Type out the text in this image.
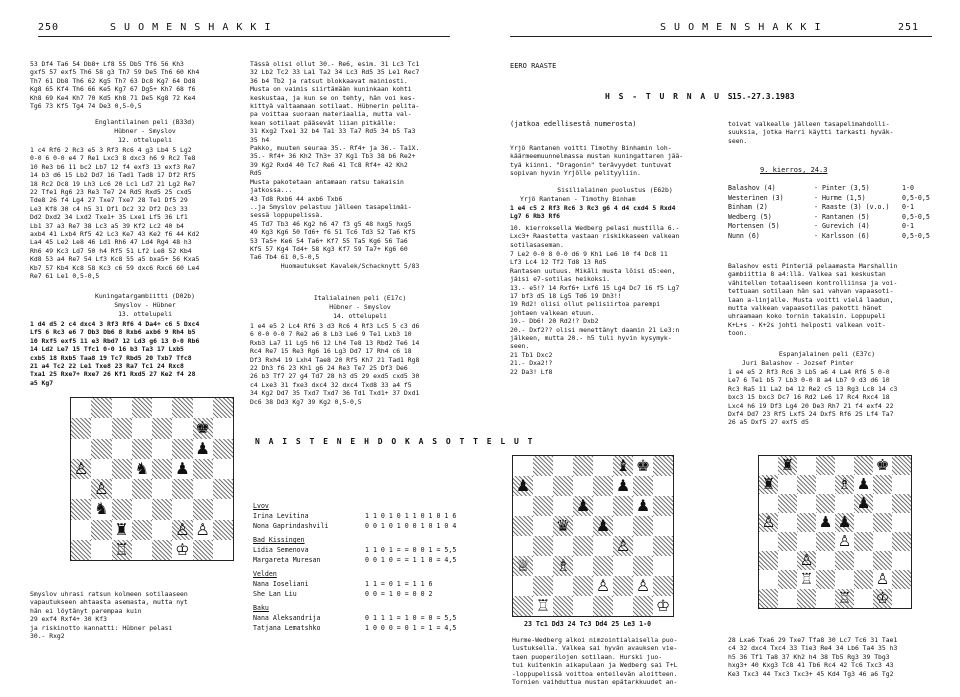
250	S U O M E N S H A K K I	S U O M E N S H A K K I	251
53 Df4 Ta6 54 Db8+ Lf8 55 Db5 Tf6 56 Kh3
gxf5 57 exf5 Th6 58 g3 Th7 59 De5 Th6 60 Kh4
Th7 61 Db8 Th6 62 Kg5 Th7 63 Dc8 Kg7 64 Dd8
Kg8 65 Kf4 Th6 66 Ke5 Kg7 67 Dg5+ Kh7 68 f6
Kh8 69 Ke4 Kh7 70 Kd5 Kh8 71 De5 Kg8 72 Ke4
Tg6 73 Kf5 Tg4 74 De3 0,5-0,5
Englantilainen peli (B33d)
Hübner - Smyslov
12. ottelupeli
1 c4 Rf6 2 Rc3 e5 3 Rf3 Rc6 4 g3 Lb4 5 Lg2
0-0 6 0-0 e4 7 Re1 Lxc3 8 dxc3 h6 9 Rc2 Te8
10 Re3 b6 11 bc2 Lb7 12 f4 exf3 13 exf3 Re7
14 b3 d6 15 Lb2 Dd7 16 Tad1 Tad8 17 Df2 Rf5
18 Rc2 Dc8 19 Lh3 Lc6 20 Lc1 Ld7 21 Lg2 Re7
22 Tfe1 Rg6 23 Re3 Te7 24 Rd5 Rxd5 25 cxd5
Tde8 26 f4 Lg4 27 Txe7 Txe7 28 Te1 Df5 29
Le3 Kf8 30 c4 h5 31 Df1 Dc2 32 Df2 Dc3 33
Dd2 Dxd2 34 Lxd2 Txe1+ 35 Lxe1 Lf5 36 Lf1
Lb1 37 a3 Re7 38 Lc3 a5 39 Kf2 Lc2 40 b4
axb4 41 Lxb4 Rf5 42 Lc3 Ke7 43 Ke2 f6 44 Kd2
La4 45 Le2 Le8 46 Ld1 Rh6 47 Ld4 Rg4 48 h3
Rh6 49 Kc3 Ld7 50 h4 Rf5 51 Lf2 Le8 52 Kb4
Kd8 53 a4 Re7 54 Lf3 Kc8 55 a5 bxa5+ 56 Kxa5
Kb7 57 Kb4 Kc8 58 Kc3 c6 59 dxc6 Rxc6 60 Le4
Re7 61 Le1 0,5-0,5
Kuningatargambiitti (D02b)
Smyslov - Hübner
13. ottelupeli
1 d4 d5 2 c4 dxc4 3 Rf3 Rf6 4 Da4+ c6 5 Dxc4
Lf5 6 Rc3 e6 7 Db3 Db6 8 Rxb6 axb6 9 Rh4 b5
10 Rxf5 exf5 11 e3 Rbd7 12 Ld3 g6 13 0-0 Rb6
14 Ld2 Le7 15 Tfc1 0-0 16 b3 Ta3 17 Lxb5
cxb5 18 Rxb5 Taa8 19 Tc7 Rbd5 20 Txb7 Tfc8
21 a4 Tc2 22 Le1 Txe8 23 Ra7 Tc1 24 Rxc8
Txa1 25 Rxe7+ Rxe7 26 Kf1 Rxd5 27 Ke2 f4 28
a5 Kg7
♚
♟
♙	♞ ♟
♙
♞
♜	♙ ♙
♖	♔
Smyslov uhrasi ratsun kolmeen sotilaaseen
vapautukseen ahtaasta asemasta, mutta nyt
hän ei löytänyt parempaa kuin
29 exf4 Rxf4+ 30 Kf3
ja riskinotto kannatti: Hübner pelasi
30.- Rxg2
Tässä olisi ollut 30.- Re6, esim. 31 Lc3 Tc1
32 Lb2 Tc2 33 La1 Ta2 34 Lc3 Rd5 35 Le1 Rec7
36 b4 Tb2 ja ratsut blokkaavat mainiosti.
Musta on vaimis siirtämään kuninkaan kohti
keskustaa, ja kun se on tehty, hän voi kes-
kittyä valtaamaan sotilaat. Hübnerin pelita-
pa voittaa suoraan materiaalia, mutta val-
kean sotilaat pääsevät liian pitkälle:
31 Kxg2 Txe1 32 b4 Ta1 33 Ta7 Rd5 34 b5 Ta3
35 h4
Pakko, muuten seuraa 35.- Rf4+ ja 36.- Ta1X.
35.- Rf4+ 36 Kh2 Th3+ 37 Kg1 Tb3 38 b6 Re2+
39 Kg2 Rxd4 40 Tc7 Re6 41 Tc8 Rf4+ 42 Kh2
Rd5
Musta pakotetaan antamaan ratsu takaisin
jatkossa...
43 Td8 Rxb6 44 axb6 Txb6
..ja Smyslov pelastuu jälleen tasapelimäi-
sessä loppupelissä.
45 Td7 Tb3 46 Kg2 h6 47 f3 g5 48 hxg5 hxg5
49 Kg3 Kg6 50 Td6+ f6 51 Tc6 Td3 52 Ta6 Kf5
53 Ta5+ Ke6 54 Ta6+ Kf7 55 Ta5 Kg6 56 Ta6
Kf5 57 Kg4 Td4+ 58 Kg3 Kf7 59 Ta7+ Kg6 60
Ta6 Tb4 61 0,5-0,5
Huomautukset Kavalek/Schacknytt 5/83
Italialainen peli (E17c)
Hübner - Smyslov
14. ottelupeli
1 e4 e5 2 Lc4 Rf6 3 d3 Rc6 4 Rf3 Lc5 5 c3 d6
6 0-0 0-0 7 Re2 a6 8 Lb3 Le6 9 Te1 Lxb3 10
Rxb3 La7 11 Lg5 h6 12 Lh4 Te8 13 Rbd2 Te6 14
Rc4 Re7 15 Re3 Rg6 16 Lg3 Dd7 17 Rh4 c6 18
Df3 Rxh4 19 Lxh4 Tae8 20 Rf5 Kh7 21 Tad1 Rg8
22 Dh3 f6 23 Kh1 g6 24 Re3 Te7 25 Df3 De6
26 b3 Tf7 27 g4 Td7 28 h3 d5 29 exd5 cxd5 30
c4 Lxe3 31 fxe3 dxc4 32 dxc4 Txd8 33 a4 f5
34 Kg2 Dd7 35 Txd7 Txd7 36 Td1 Txd1+ 37 Dxd1
Dc6 38 Dd3 Kg7 39 Kg2 0,5-0,5
EERO RAASTE
H S - T U R N A U S
15.-27.3.1983
(jatkoa edellisestä numerosta)
Yrjö Rantanen voitti Timothy Binhamin loh-
käärmeemuunnelmassa mustan kuningattaren jää-
tyä kiinni. "Dragonin" terävyydet tuntuvat
sopivan hyvin Yrjölle pelityyliin.
Sisilialainen puolustus (E62b)
Yrjö Rantanen - Timothy Binham
1 e4 c5 2 Rf3 Rc6 3 Rc3 g6 4 d4 cxd4 5 Rxd4
Lg7 6 Rb3 Rf6
10. kierroksella Wedberg pelasi mustilla 6.-
Lxc3+ Raastetta vastaan riskikkaseen valkean
sotilasaseman.
7 Le2 0-0 8 0-0 d6 9 Kh1 Le6 10 f4 Dc8 11
Lf3 Lc4 12 Tf2 Td8 13 Rd5
Rantasen uutuus. Mikäli musta lõisi d5:een,
jäisi e7-sotilas heikoksi.
13.- e5!? 14 Rxf6+ Lxf6 15 Lg4 Dc7 16 f5 Lg7
17 bf3 d5 18 Lg5 Td6 19 Dh3!!
19 Rd2! olisi ollut pelisiirtoa parempi
johtaen valkean etuun.
19.- Db6! 20 Rd2!? Dxb2
20.- Dxf2?? olisi menettänyt daamin 21 Le3:n
jälkeen, mutta 20.- h5 tuli hyvin kysymyk-
seen.
21 Tb1 Dxc2
21.- Dxa2!?
22 Da3! Lf8
toivat valkealle jälleen tasapelimahdolli-
suuksia, jotka Harri käytti tarkasti hyväk-
seen.
9. kierros, 24.3
Balashov (4)	- Pinter (3,5)	1-0
Westerinen (3)	- Hurme (1,5)	0,5-0,5
Binham (2)	- Raaste (3) (v.o.) 0-1
Wedberg (5)	- Rantanen (5)	0,5-0,5
Mortensen (5)	- Gurevich (4)	0-1
Nunn (6)	- Karlsson (6)	0,5-0,5
Balashov esti Pinteriä pelaamasta Marshallin
gambiittia 8 a4:llä. Valkea sai keskustan
vähitellen totaaliseen kontrolliinsa ja voi-
tettuaan sotilaan hän sai vahvan vapaasoti-
laan a-linjalle. Musta voitti vielä laadun,
mutta valkean vapaasotilas pakotti hänet
uhraamaan koko tornin takaisin. Loppupeli
K+L+s - K+2s johti helposti valkean voit-
toon.
Espanjalainen peli (E37c)
Juri Balashov - Jozsef Pinter
1 e4 e5 2 Rf3 Rc6 3 Lb5 a6 4 La4 Rf6 5 0-0
Le7 6 Te1 b5 7 Lb3 0-0 8 a4 Lb7 9 d3 d6 10
Rc3 Ra5 11 La2 b4 12 Re2 c5 13 Rg3 Lc8 14 c3
bxc3 15 bxc3 Dc7 16 Rd2 Le6 17 Rc4 Rxc4 18
Lxc4 h6 19 Df3 Lg4 20 De3 Rh7 21 f4 exf4 22
Dxf4 Dd7 23 Rf5 Lxf5 24 Dxf5 Rf6 25 Lf4 Ta7
26 a5 Dxf5 27 exf5 d5
N A I S T E N E H D O K A S O T T E L U T
Lvov
Irina Levitina	1 1 0 1 0 1 1 0 1 0 1 6
Nona Gaprindashvili	0 0 1 0 1 0 0 1 0 1 0 4
Bad Kissingen
Lidia Semenova	1 1 0 1 = = 0 0 1 = 5,5
Margareta Muresan	0 0 1 0 = = 1 1 0 = 4,5
Velden
Nana Ioseliani	1 1 = 0 1 = 1 1 6
She Lan Liu	0 0 = 1 0 = 0 0 2
Baku
Nana Aleksandrija	0 1 1 1 = 1 0 = 0 = 5,5
Tatjana Lematshko	1 0 0 0 = 0 1 = 1 = 4,5
♝ ♚
♟	♟
♟	♟
♛ ♟
♙
♕ ♗
♙ ♙
♖	♔
23 Tc1 Dd3 24 Tc3 Dd4 25 Le3 1-0
Hurme-Wedberg alkoi nimzointialaisella puo-
lustuksella. Valkea sai hyvän avauksen vie-
taen puoperilojen sotilaan. Hurski juo-
tui kuitenkin aikapulaan ja Wedberg sai T+L
-loppupelissä voittoa enteilevän aloitteen.
Tornien vaihduttua mustan epätarkkuudet an-
♜	♚
♜	♗ ♟
♟
♙	♟ ♟
♙
♙
♖	♙
♖ ♔
28 Lxa6 Txa6 29 Txe7 Tfa8 30 Lc7 Tc6 31 Tae1
c4 32 dxc4 Txc4 33 Tie3 Re4 34 Lb6 Ta4 35 h3
h5 36 Tf1 Ta8 37 Kh2 h4 38 Tb5 Rg3 39 Tbg3
hxg3+ 40 Kxg3 Tc8 41 Tb6 Rc4 42 Tc6 Txc3 43
Ke3 Txc3 44 Txc3 Txc3+ 45 Kd4 Tg3 46 a6 Tg2
